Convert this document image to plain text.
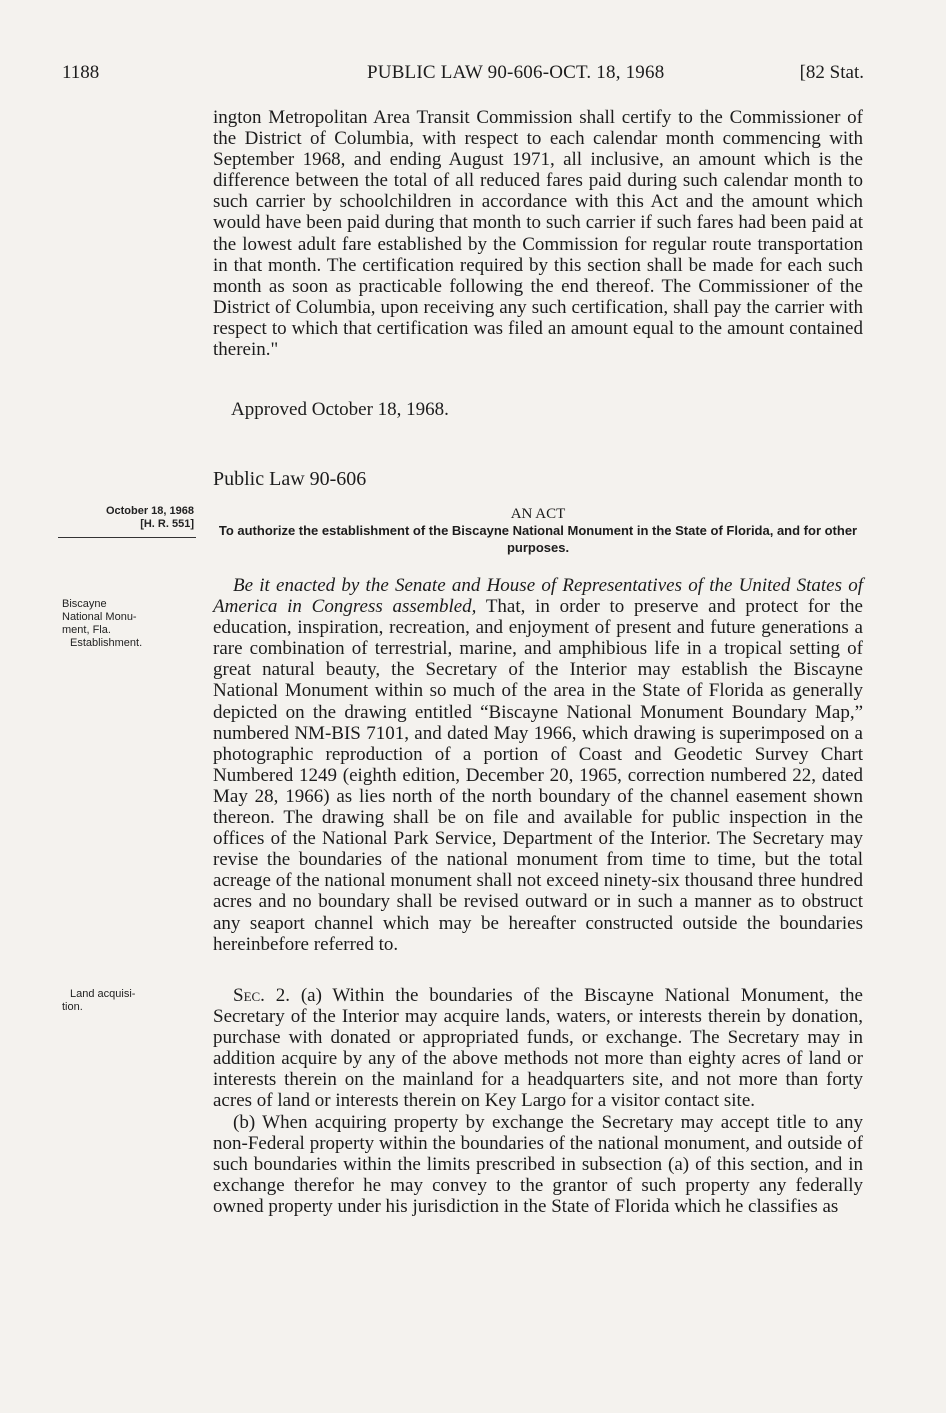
1188	PUBLIC LAW 90-606-OCT. 18, 1968	[82 Stat.

ington Metropolitan Area Transit Commission shall certify to the Commissioner of the District of Columbia, with respect to each calendar month commencing with September 1968, and ending August 1971, all inclusive, an amount which is the difference between the total of all reduced fares paid during such calendar month to such carrier by schoolchildren in accordance with this Act and the amount which would have been paid during that month to such carrier if such fares had been paid at the lowest adult fare established by the Commission for regular route transportation in that month. The certification required by this section shall be made for each such month as soon as practicable following the end thereof. The Commissioner of the District of Columbia, upon receiving any such certification, shall pay the carrier with respect to which that certification was filed an amount equal to the amount contained therein."

Approved October 18, 1968.
Public Law 90-606
October 18, 1968
[H. R. 551]
AN ACT
To authorize the establishment of the Biscayne National Monument in the State of Florida, and for other purposes.
Biscayne
National Monu-
ment, Fla.
Establishment.

Be it enacted by the Senate and House of Representatives of the United States of America in Congress assembled, That, in order to preserve and protect for the education, inspiration, recreation, and enjoyment of present and future generations a rare combination of terrestrial, marine, and amphibious life in a tropical setting of great natural beauty, the Secretary of the Interior may establish the Biscayne National Monument within so much of the area in the State of Florida as generally depicted on the drawing entitled “Biscayne National Monument Boundary Map,” numbered NM-BIS 7101, and dated May 1966, which drawing is superimposed on a photographic reproduction of a portion of Coast and Geodetic Survey Chart Numbered 1249 (eighth edition, December 20, 1965, correction numbered 22, dated May 28, 1966) as lies north of the north boundary of the channel easement shown thereon. The drawing shall be on file and available for public inspection in the offices of the National Park Service, Department of the Interior. The Secretary may revise the boundaries of the national monument from time to time, but the total acreage of the national monument shall not exceed ninety-six thousand three hundred acres and no boundary shall be revised outward or in such a manner as to obstruct any seaport channel which may be hereafter constructed outside the boundaries hereinbefore referred to.

Land acquisi-
tion.

Sec. 2. (a) Within the boundaries of the Biscayne National Monument, the Secretary of the Interior may acquire lands, waters, or interests therein by donation, purchase with donated or appropriated funds, or exchange. The Secretary may in addition acquire by any of the above methods not more than eighty acres of land or interests therein on the mainland for a headquarters site, and not more than forty acres of land or interests therein on Key Largo for a visitor contact site.

(b) When acquiring property by exchange the Secretary may accept title to any non-Federal property within the boundaries of the national monument, and outside of such boundaries within the limits prescribed in subsection (a) of this section, and in exchange therefor he may convey to the grantor of such property any federally owned property under his jurisdiction in the State of Florida which he classifies as
